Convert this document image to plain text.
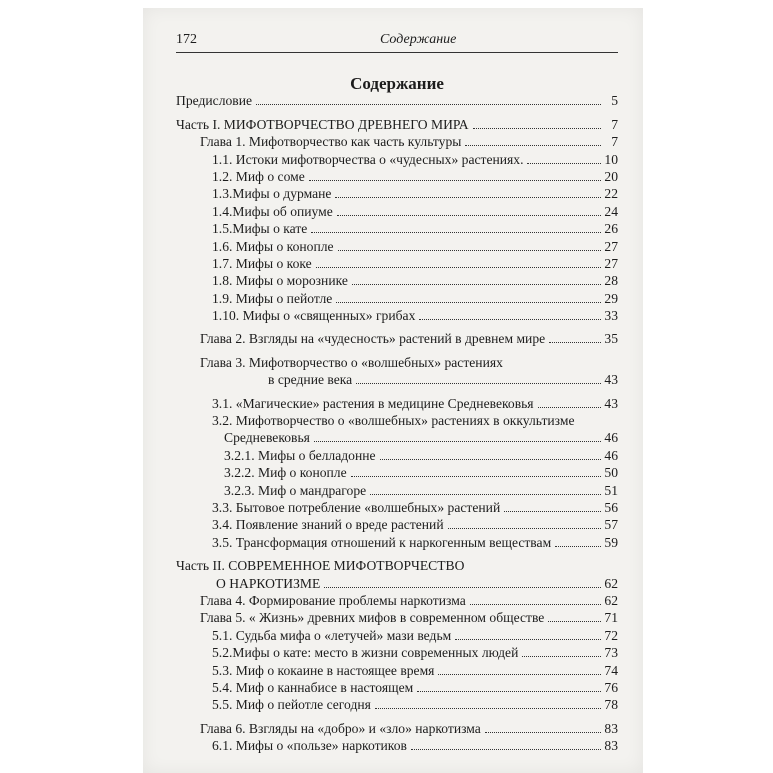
172	Содержание
Содержание
Предисловие	5
Часть I. МИФОТВОРЧЕСТВО ДРЕВНЕГО МИРА	7
Глава 1. Мифотворчество как часть культуры	7
1.1. Истоки мифотворчества о «чудесных» растениях.	10
1.2. Миф о соме	20
1.3.Мифы о дурмане	22
1.4.Мифы об опиуме	24
1.5.Мифы о кате	26
1.6. Мифы о конопле	27
1.7. Мифы о коке	27
1.8. Мифы о морознике	28
1.9. Мифы о пейотле	29
1.10. Мифы о «священных» грибах	33
Глава 2. Взгляды на «чудесность» растений в древнем мире	35
Глава 3. Мифотворчество о «волшебных» растениях
в средние века	43
3.1. «Магические» растения в медицине Средневековья	43
3.2. Мифотворчество о «волшебных» растениях в оккультизме
Средневековья	46
3.2.1. Мифы о белладонне	46
3.2.2. Миф о конопле	50
3.2.3. Миф о мандрагоре	51
3.3. Бытовое потребление «волшебных» растений	56
3.4. Появление знаний о вреде растений	57
3.5. Трансформация отношений к наркогенным веществам	59
Часть II. СОВРЕМЕННОЕ МИФОТВОРЧЕСТВО
О НАРКОТИЗМЕ	62
Глава 4. Формирование проблемы наркотизма	62
Глава 5. « Жизнь» древних мифов в современном обществе	71
5.1. Судьба мифа о «летучей» мази ведьм	72
5.2.Мифы о кате: место в жизни современных людей	73
5.3. Миф о кокаине в настоящее время	74
5.4. Миф о каннабисе в настоящем	76
5.5. Миф о пейотле сегодня	78
Глава 6. Взгляды на «добро» и «зло» наркотизма	83
6.1. Мифы о «пользе» наркотиков	83
